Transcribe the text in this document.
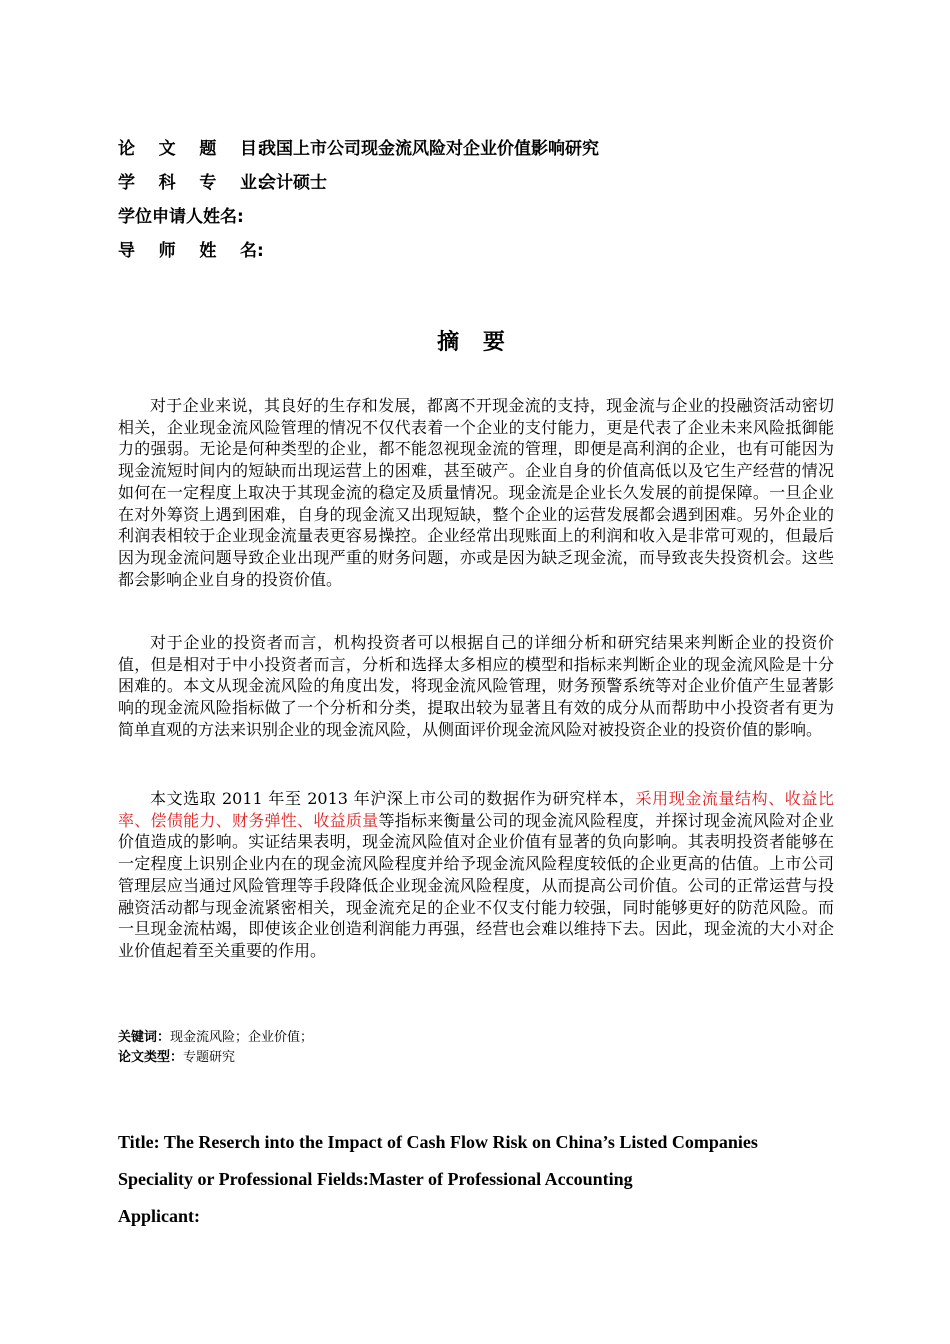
论    文    题    目:我国上市公司现金流风险对企业价值影响研究
学    科    专    业:会计硕士
学位申请人姓名:
导    师    姓    名:
摘 要

对于企业来说，其良好的生存和发展，都离不开现金流的支持，现金流与企业的投融资活动密切相关，企业现金流风险管理的情况不仅代表着一个企业的支付能力，更是代表了企业未来风险抵御能力的强弱。无论是何种类型的企业，都不能忽视现金流的管理，即便是高利润的企业，也有可能因为现金流短时间内的短缺而出现运营上的困难，甚至破产。企业自身的价值高低以及它生产经营的情况如何在一定程度上取决于其现金流的稳定及质量情况。现金流是企业长久发展的前提保障。一旦企业在对外筹资上遇到困难，自身的现金流又出现短缺，整个企业的运营发展都会遇到困难。另外企业的利润表相较于企业现金流量表更容易操控。企业经常出现账面上的利润和收入是非常可观的，但最后因为现金流问题导致企业出现严重的财务问题，亦或是因为缺乏现金流，而导致丧失投资机会。这些都会影响企业自身的投资价值。

对于企业的投资者而言，机构投资者可以根据自己的详细分析和研究结果来判断企业的投资价值，但是相对于中小投资者而言，分析和选择太多相应的模型和指标来判断企业的现金流风险是十分困难的。本文从现金流风险的角度出发，将现金流风险管理，财务预警系统等对企业价值产生显著影响的现金流风险指标做了一个分析和分类，提取出较为显著且有效的成分从而帮助中小投资者有更为简单直观的方法来识别企业的现金流风险，从侧面评价现金流风险对被投资企业的投资价值的影响。

本文选取 2011 年至 2013 年沪深上市公司的数据作为研究样本，采用现金流量结构、收益比率、偿债能力、财务弹性、收益质量等指标来衡量公司的现金流风险程度，并探讨现金流风险对企业价值造成的影响。实证结果表明，现金流风险值对企业价值有显著的负向影响。其表明投资者能够在一定程度上识别企业内在的现金流风险程度并给予现金流风险程度较低的企业更高的估值。上市公司管理层应当通过风险管理等手段降低企业现金流风险程度，从而提高公司价值。公司的正常运营与投融资活动都与现金流紧密相关，现金流充足的企业不仅支付能力较强，同时能够更好的防范风险。而一旦现金流枯竭，即使该企业创造利润能力再强，经营也会难以维持下去。因此，现金流的大小对企业价值起着至关重要的作用。

关键词：现金流风险；企业价值；
论文类型：专题研究
Title: The Reserch into the Impact of Cash Flow Risk on China’s Listed Companies
Speciality or Professional Fields:Master of Professional Accounting
Applicant:
